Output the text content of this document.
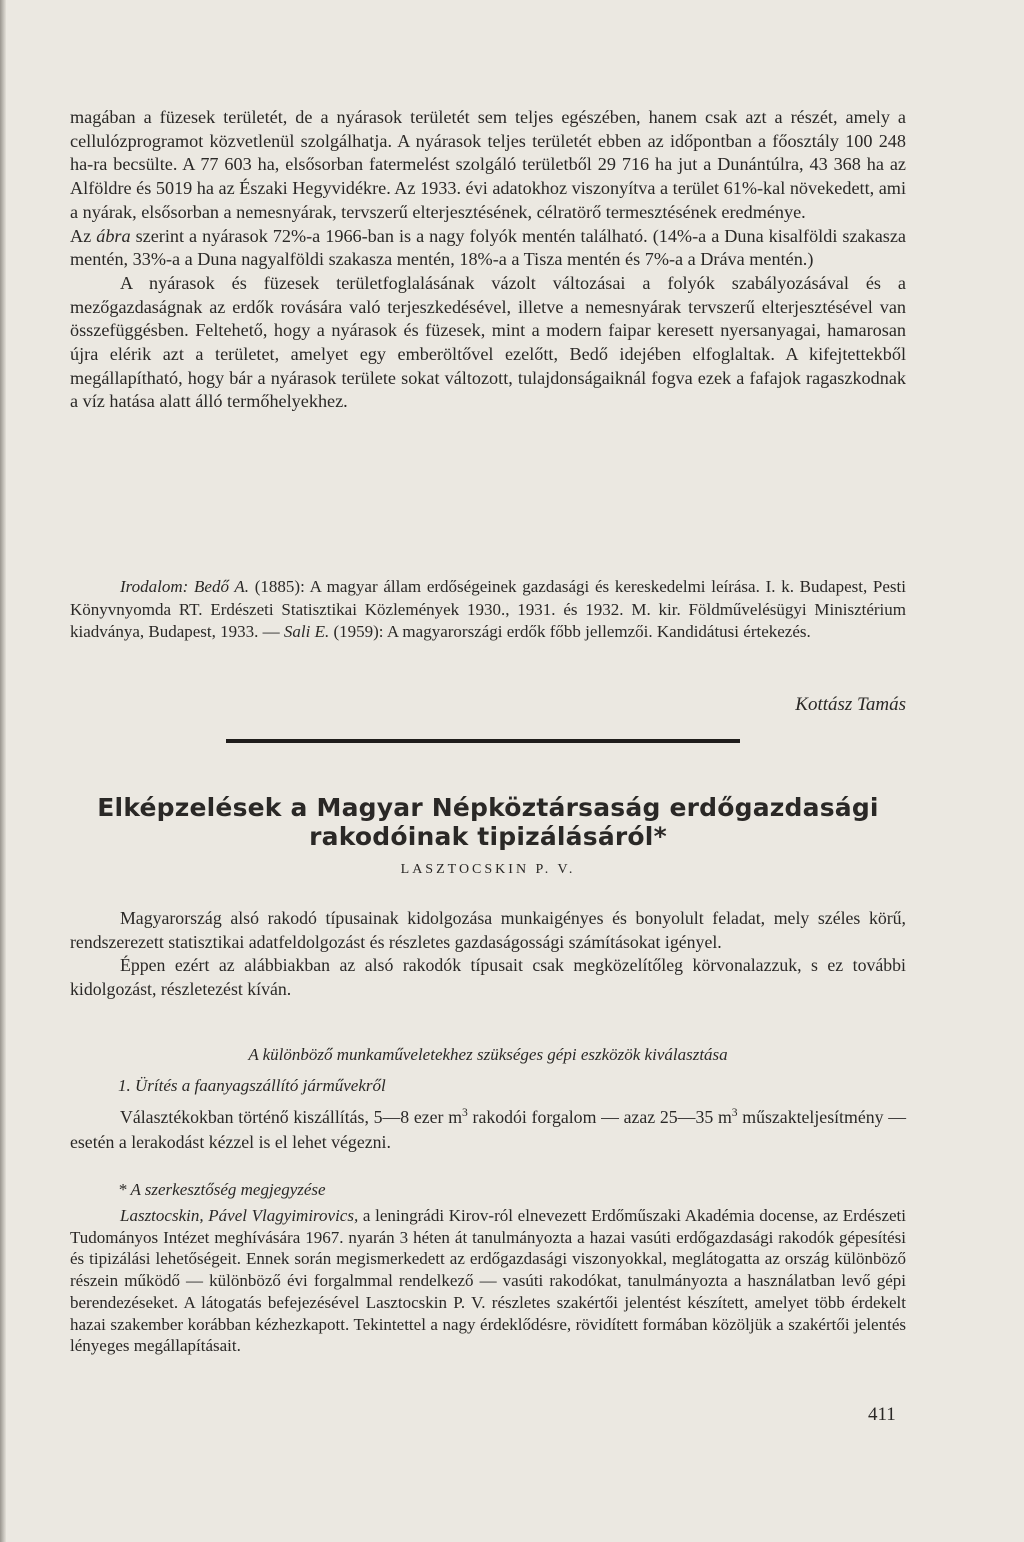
magában a füzesek területét, de a nyárasok területét sem teljes egészében, hanem csak azt a részét, amely a cellulózprogramot közvetlenül szolgálhatja. A nyárasok teljes területét ebben az időpontban a főosztály 100 248 ha-ra becsülte. A 77 603 ha, elsősorban fatermelést szolgáló területből 29 716 ha jut a Dunántúlra, 43 368 ha az Alföldre és 5019 ha az Északi Hegyvidékre. Az 1933. évi adatokhoz viszonyítva a terület 61%-kal növekedett, ami a nyárak, elsősorban a nemesnyárak, tervszerű elterjesztésének, célratörő termesztésének eredménye.

Az ábra szerint a nyárasok 72%-a 1966-ban is a nagy folyók mentén található. (14%-a a Duna kisalföldi szakasza mentén, 33%-a a Duna nagyalföldi szakasza mentén, 18%-a a Tisza mentén és 7%-a a Dráva mentén.)

A nyárasok és füzesek területfoglalásának vázolt változásai a folyók szabályozásával és a mezőgazdaságnak az erdők rovására való terjeszkedésével, illetve a nemesnyárak tervszerű elterjesztésével van összefüggésben. Feltehető, hogy a nyárasok és füzesek, mint a modern faipar keresett nyersanyagai, hamarosan újra elérik azt a területet, amelyet egy emberöltővel ezelőtt, Bedő idejében elfoglaltak. A kifejtettekből megállapítható, hogy bár a nyárasok területe sokat változott, tulajdonságaiknál fogva ezek a fafajok ragaszkodnak a víz hatása alatt álló termőhelyekhez.

Irodalom: Bedő A. (1885): A magyar állam erdőségeinek gazdasági és kereskedelmi leírása. I. k. Budapest, Pesti Könyvnyomda RT. Erdészeti Statisztikai Közlemények 1930., 1931. és 1932. M. kir. Földművelésügyi Minisztérium kiadványa, Budapest, 1933. — Sali E. (1959): A magyarországi erdők főbb jellemzői. Kandidátusi értekezés.

Kottász Tamás
Elképzelések a Magyar Népköztársaság erdőgazdasági
rakodóinak tipizálásáról*
LASZTOCSKIN P. V.

Magyarország alsó rakodó típusainak kidolgozása munkaigényes és bonyolult feladat, mely széles körű, rendszerezett statisztikai adatfeldolgozást és részletes gazdaságossági számításokat igényel.

Éppen ezért az alábbiakban az alsó rakodók típusait csak megközelítőleg körvonalazzuk, s ez további kidolgozást, részletezést kíván.

A különböző munkaműveletekhez szükséges gépi eszközök kiválasztása
1. Ürítés a faanyagszállító járművekről

Választékokban történő kiszállítás, 5—8 ezer $m^3$ rakodói forgalom — azaz 25—35 $m^3$ műszakteljesítmény — esetén a lerakodást kézzel is el lehet végezni.

* A szerkesztőség megjegyzése

Lasztocskin, Pável Vlagyimirovics, a leningrádi Kirov-ról elnevezett Erdőműszaki Akadémia docense, az Erdészeti Tudományos Intézet meghívására 1967. nyarán 3 héten át tanulmányozta a hazai vasúti erdőgazdasági rakodók gépesítési és tipizálási lehetőségeit. Ennek során megismerkedett az erdőgazdasági viszonyokkal, meglátogatta az ország különböző részein működő — különböző évi forgalmmal rendelkező — vasúti rakodókat, tanulmányozta a használatban levő gépi berendezéseket. A látogatás befejezésével Lasztocskin P. V. részletes szakértői jelentést készített, amelyet több érdekelt hazai szakember korábban kézhezkapott. Tekintettel a nagy érdeklődésre, rövidített formában közöljük a szakértői jelentés lényeges megállapításait.

411
